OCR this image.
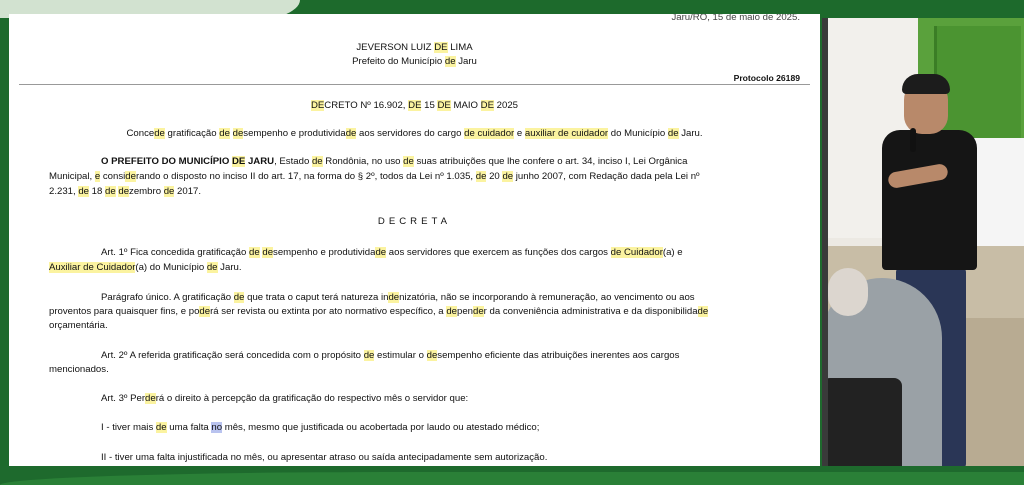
Jaru/RO, 15 de maio de 2025.
JEVERSON LUIZ DE LIMA
Prefeito do Município de Jaru
Protocolo 26189
DECRETO Nº 16.902, DE 15 DE MAIO DE 2025
Concede gratificação de desempenho e produtividade aos servidores do cargo de cuidador e auxiliar de cuidador do Município de Jaru.
O PREFEITO DO MUNICÍPIO DE JARU, Estado de Rondônia, no uso de suas atribuições que lhe confere o art. 34, inciso I, Lei Orgânica
Municipal, e considerando o disposto no inciso II do art. 17, na forma do § 2º, todos da Lei nº 1.035, de 20 de junho 2007, com Redação dada pela Lei nº
2.231, de 18 de dezembro de 2017.
DECRETA
Art. 1º Fica concedida gratificação de desempenho e produtividade aos servidores que exercem as funções dos cargos de Cuidador(a) e
Auxiliar de Cuidador(a) do Município de Jaru.
Parágrafo único. A gratificação de que trata o caput terá natureza indenizatória, não se incorporando à remuneração, ao vencimento ou aos
proventos para quaisquer fins, e poderá ser revista ou extinta por ato normativo específico, a depender da conveniência administrativa e da disponibilidade
orçamentária.
Art. 2º A referida gratificação será concedida com o propósito de estimular o desempenho eficiente das atribuições inerentes aos cargos
mencionados.
Art. 3º Perderá o direito à percepção da gratificação do respectivo mês o servidor que:
I - tiver mais de uma falta no mês, mesmo que justificada ou acobertada por laudo ou atestado médico;
II - tiver uma falta injustificada no mês, ou apresentar atraso ou saída antecipadamente sem autorização.
